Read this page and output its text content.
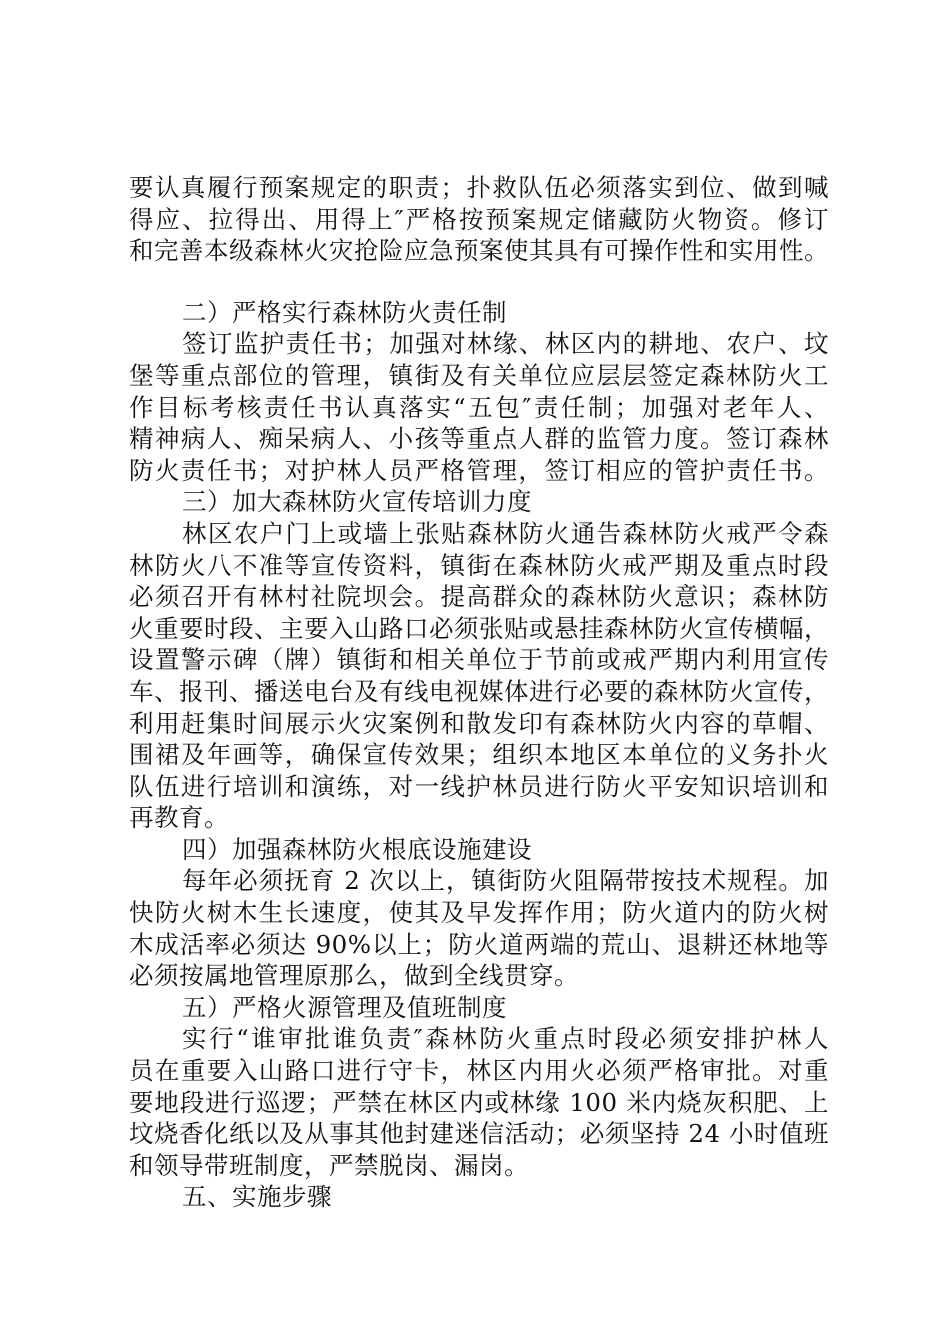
要认真履行预案规定的职责；扑救队伍必须落实到位、做到喊
得应、拉得出、用得上″严格按预案规定储藏防火物资。修订
和完善本级森林火灾抢险应急预案使其具有可操作性和实用性。
二）严格实行森林防火责任制
签订监护责任书；加强对林缘、林区内的耕地、农户、坟
堡等重点部位的管理，镇街及有关单位应层层签定森林防火工
作目标考核责任书认真落实“五包″责任制；加强对老年人、
精神病人、痴呆病人、小孩等重点人群的监管力度。签订森林
防火责任书；对护林人员严格管理，签订相应的管护责任书。
三）加大森林防火宣传培训力度
林区农户门上或墙上张贴森林防火通告森林防火戒严令森
林防火八不准等宣传资料，镇街在森林防火戒严期及重点时段
必须召开有林村社院坝会。提高群众的森林防火意识；森林防
火重要时段、主要入山路口必须张贴或悬挂森林防火宣传横幅，
设置警示碑（牌）镇街和相关单位于节前或戒严期内利用宣传
车、报刊、播送电台及有线电视媒体进行必要的森林防火宣传，
利用赶集时间展示火灾案例和散发印有森林防火内容的草帽、
围裙及年画等，确保宣传效果；组织本地区本单位的义务扑火
队伍进行培训和演练，对一线护林员进行防火平安知识培训和
再教育。
四）加强森林防火根底设施建设
每年必须抚育 2 次以上，镇街防火阻隔带按技术规程。加
快防火树木生长速度，使其及早发挥作用；防火道内的防火树
木成活率必须达 90%以上；防火道两端的荒山、退耕还林地等
必须按属地管理原那么，做到全线贯穿。
五）严格火源管理及值班制度
实行“谁审批谁负责″森林防火重点时段必须安排护林人
员在重要入山路口进行守卡，林区内用火必须严格审批。对重
要地段进行巡逻；严禁在林区内或林缘 100 米内烧灰积肥、上
坟烧香化纸以及从事其他封建迷信活动；必须坚持 24 小时值班
和领导带班制度，严禁脱岗、漏岗。
五、实施步骤
